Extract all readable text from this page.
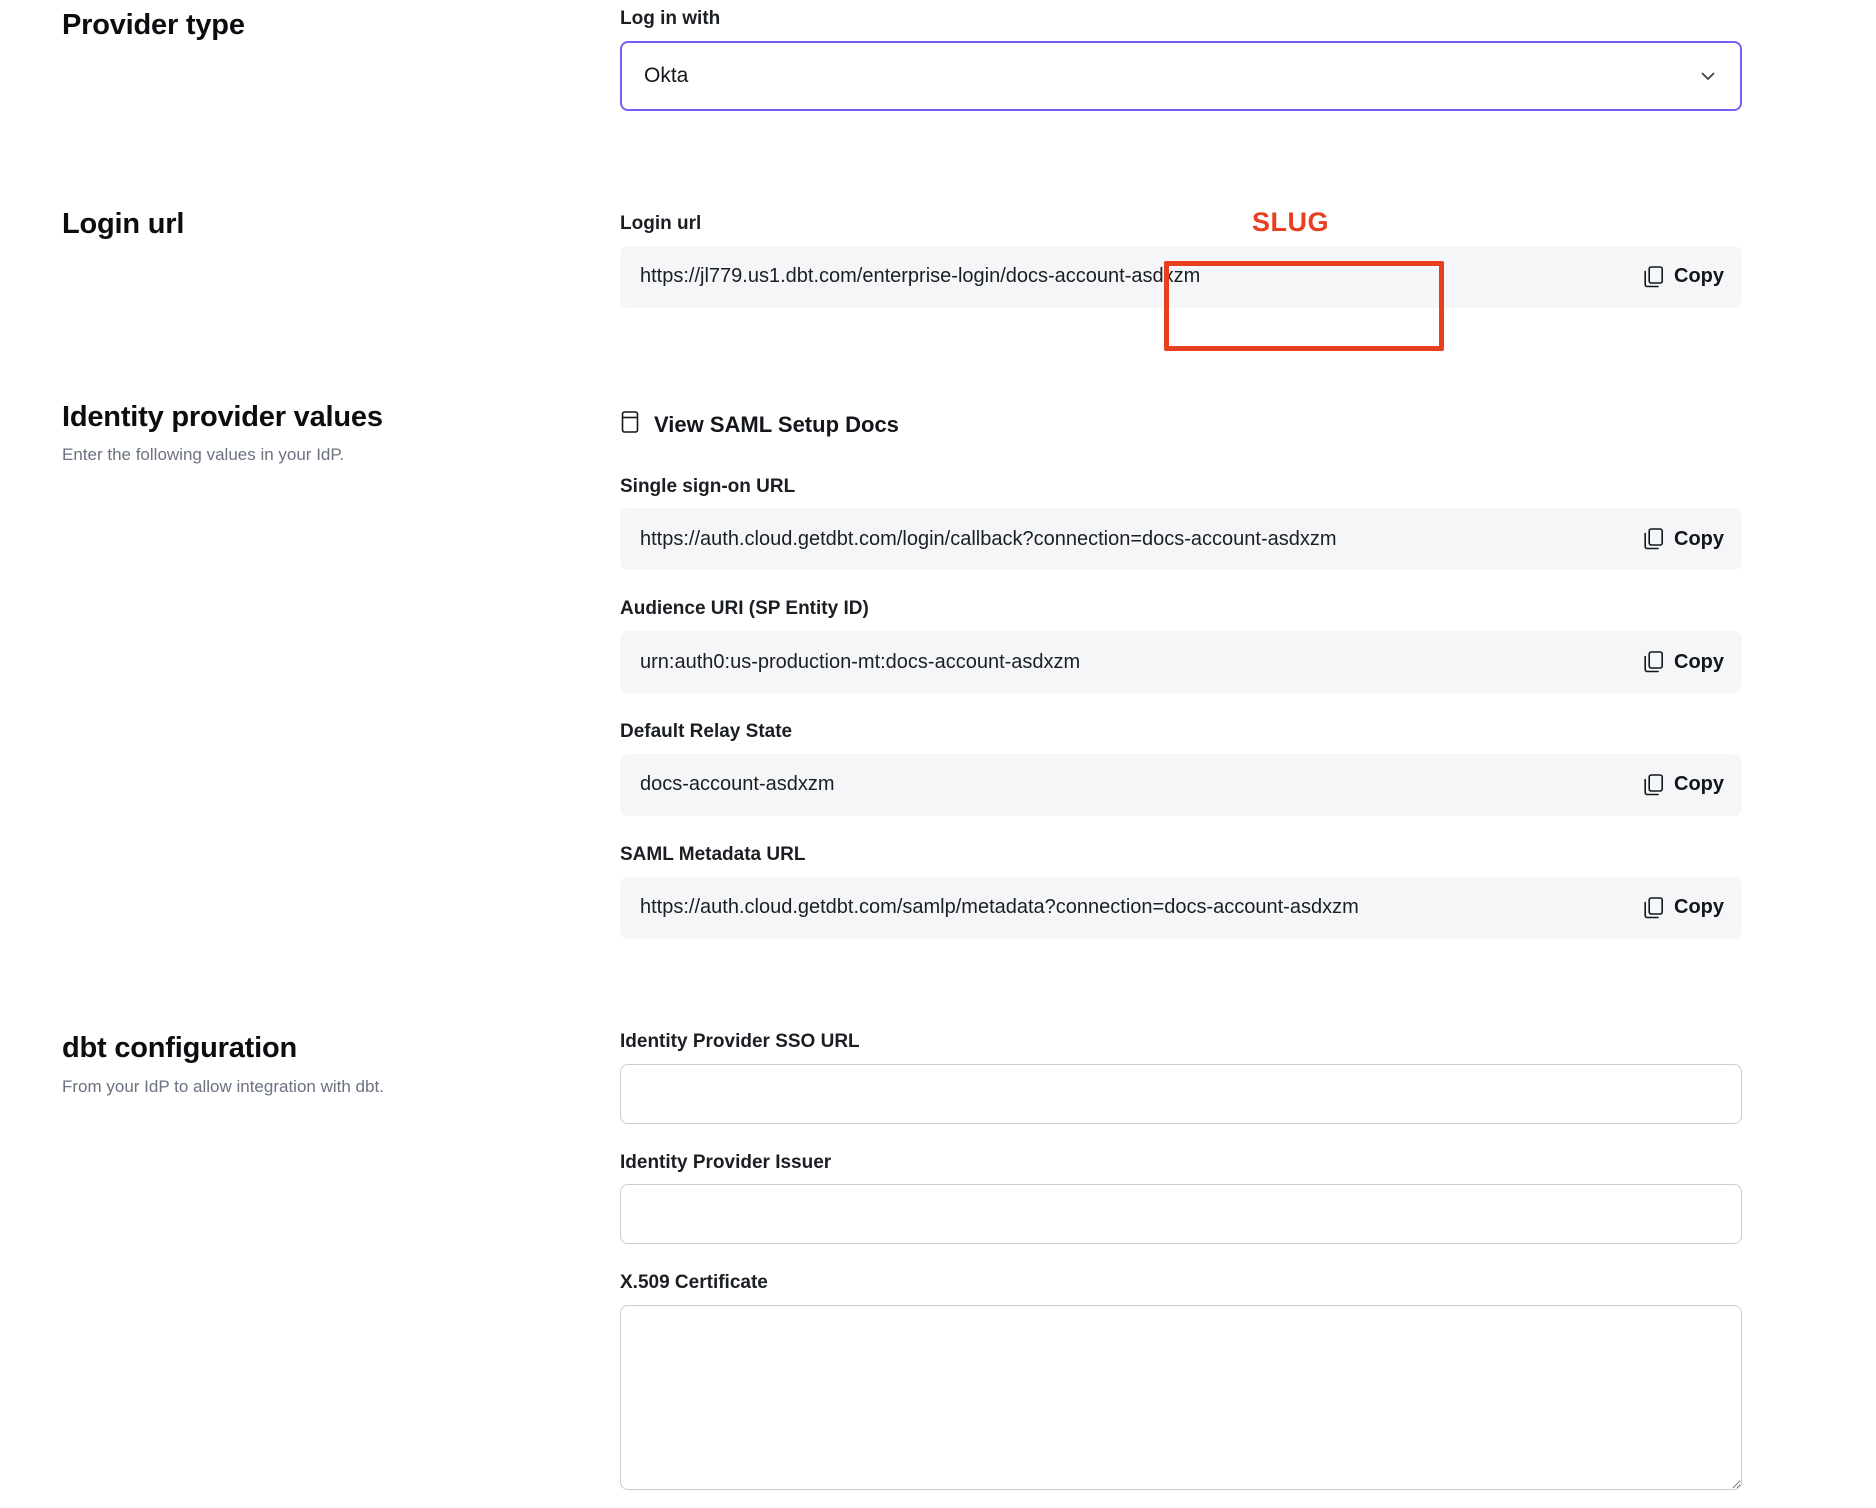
Provider type	Log in with
Okta
Login url	Login url
https://jl779.us1.dbt.com/enterprise-login/docs-account-asdxzm	Copy
SLUG
Identity provider values
Enter the following values in your IdP.
View SAML Setup Docs
Single sign-on URL
https://auth.cloud.getdbt.com/login/callback?connection=docs-account-asdxzm	Copy
Audience URI (SP Entity ID)
urn:auth0:us-production-mt:docs-account-asdxzm	Copy
Default Relay State
docs-account-asdxzm	Copy
SAML Metadata URL
https://auth.cloud.getdbt.com/samlp/metadata?connection=docs-account-asdxzm	Copy
dbt configuration
From your IdP to allow integration with dbt.
Identity Provider SSO URL
Identity Provider Issuer
X.509 Certificate
